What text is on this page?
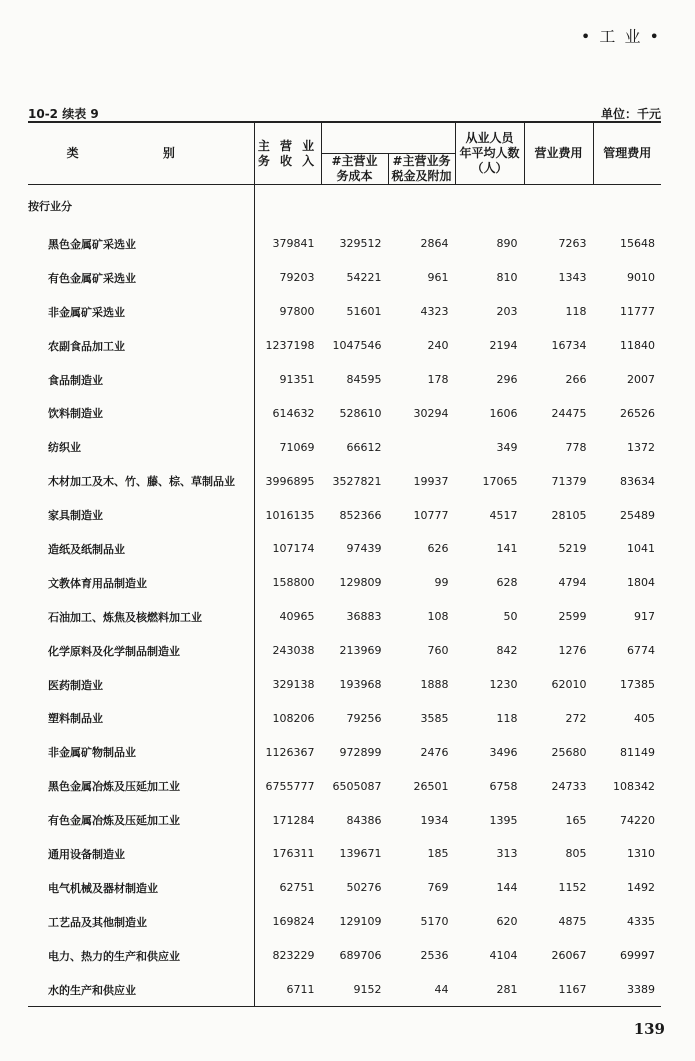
• 工 业 •
10-2 续表 9	单位：千元
类 别	主 营 业 务 收 入			从业人员 年平均人数 （人）	营业费用	管理费用
		#主营业 务成本	#主营业务 税金及附加			
按行业分						
黑色金属矿采选业	379841	329512	2864	890	7263	15648
有色金属矿采选业	79203	54221	961	810	1343	9010
非金属矿采选业	97800	51601	4323	203	118	11777
农副食品加工业	1237198	1047546	240	2194	16734	11840
食品制造业	91351	84595	178	296	266	2007
饮料制造业	614632	528610	30294	1606	24475	26526
纺织业	71069	66612		349	778	1372
木材加工及木、竹、藤、棕、草制品业	3996895	3527821	19937	17065	71379	83634
家具制造业	1016135	852366	10777	4517	28105	25489
造纸及纸制品业	107174	97439	626	141	5219	1041
文教体育用品制造业	158800	129809	99	628	4794	1804
石油加工、炼焦及核燃料加工业	40965	36883	108	50	2599	917
化学原料及化学制品制造业	243038	213969	760	842	1276	6774
医药制造业	329138	193968	1888	1230	62010	17385
塑料制品业	108206	79256	3585	118	272	405
非金属矿物制品业	1126367	972899	2476	3496	25680	81149
黑色金属冶炼及压延加工业	6755777	6505087	26501	6758	24733	108342
有色金属冶炼及压延加工业	171284	84386	1934	1395	165	74220
通用设备制造业	176311	139671	185	313	805	1310
电气机械及器材制造业	62751	50276	769	144	1152	1492
工艺品及其他制造业	169824	129109	5170	620	4875	4335
电力、热力的生产和供应业	823229	689706	2536	4104	26067	69997
水的生产和供应业	6711	9152	44	281	1167	3389
139
